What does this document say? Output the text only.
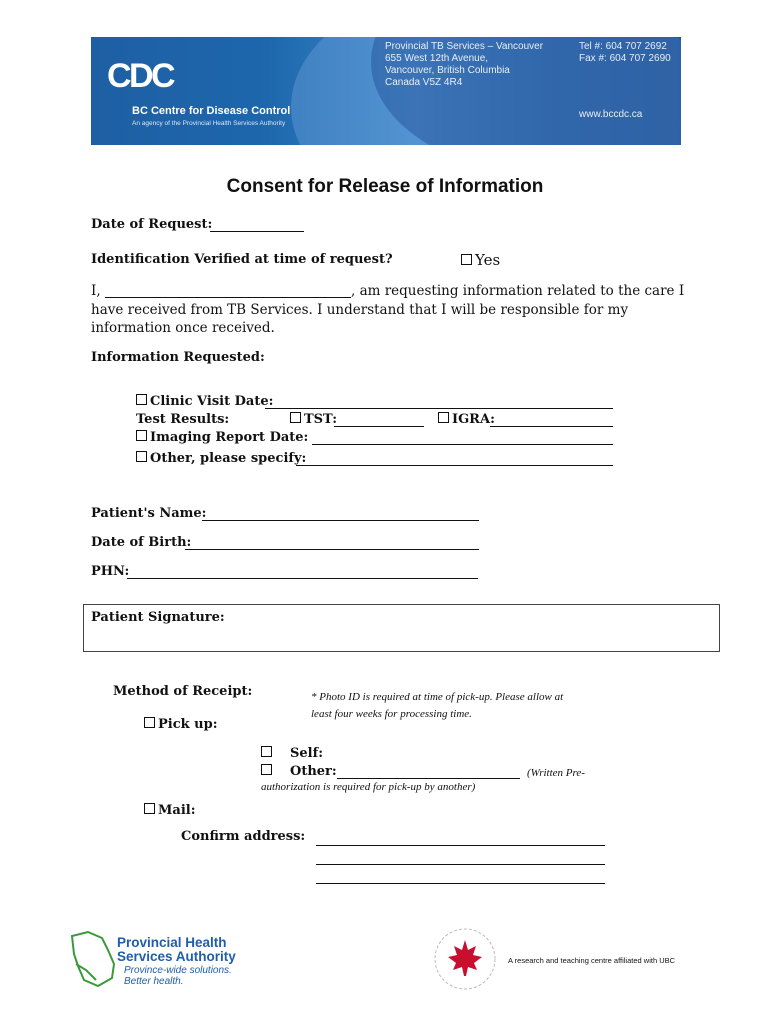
C
D
C
BC Centre for Disease Control
An agency of the Provincial Health Services Authority
Provincial TB Services – Vancouver
655 West 12th Avenue,
Vancouver, British Columbia
Canada V5Z 4R4
Tel #: 604 707 2692
Fax #: 604 707 2690
www.bccdc.ca
Consent for Release of Information
Date of Request:
Identification Verified at time of request?	Yes
I,	, am requesting information related to the care I
have received from TB Services. I understand that I will be responsible for my
information once received.
Information Requested:
Clinic Visit Date:
Test Results:	TST:	IGRA:
Imaging Report Date:
Other, please specify:
Patient's Name:
Date of Birth:
PHN:
Patient Signature:
Method of Receipt:	* Photo ID is required at time of pick-up. Please allow at
least four weeks for processing time.
Pick up:
Self:
Other:	(Written Pre-
authorization is required for pick-up by another)
Mail:
Confirm address:
Provincial Health
Services Authority
Province-wide solutions.
Better health.
A research and teaching centre affiliated with UBC
